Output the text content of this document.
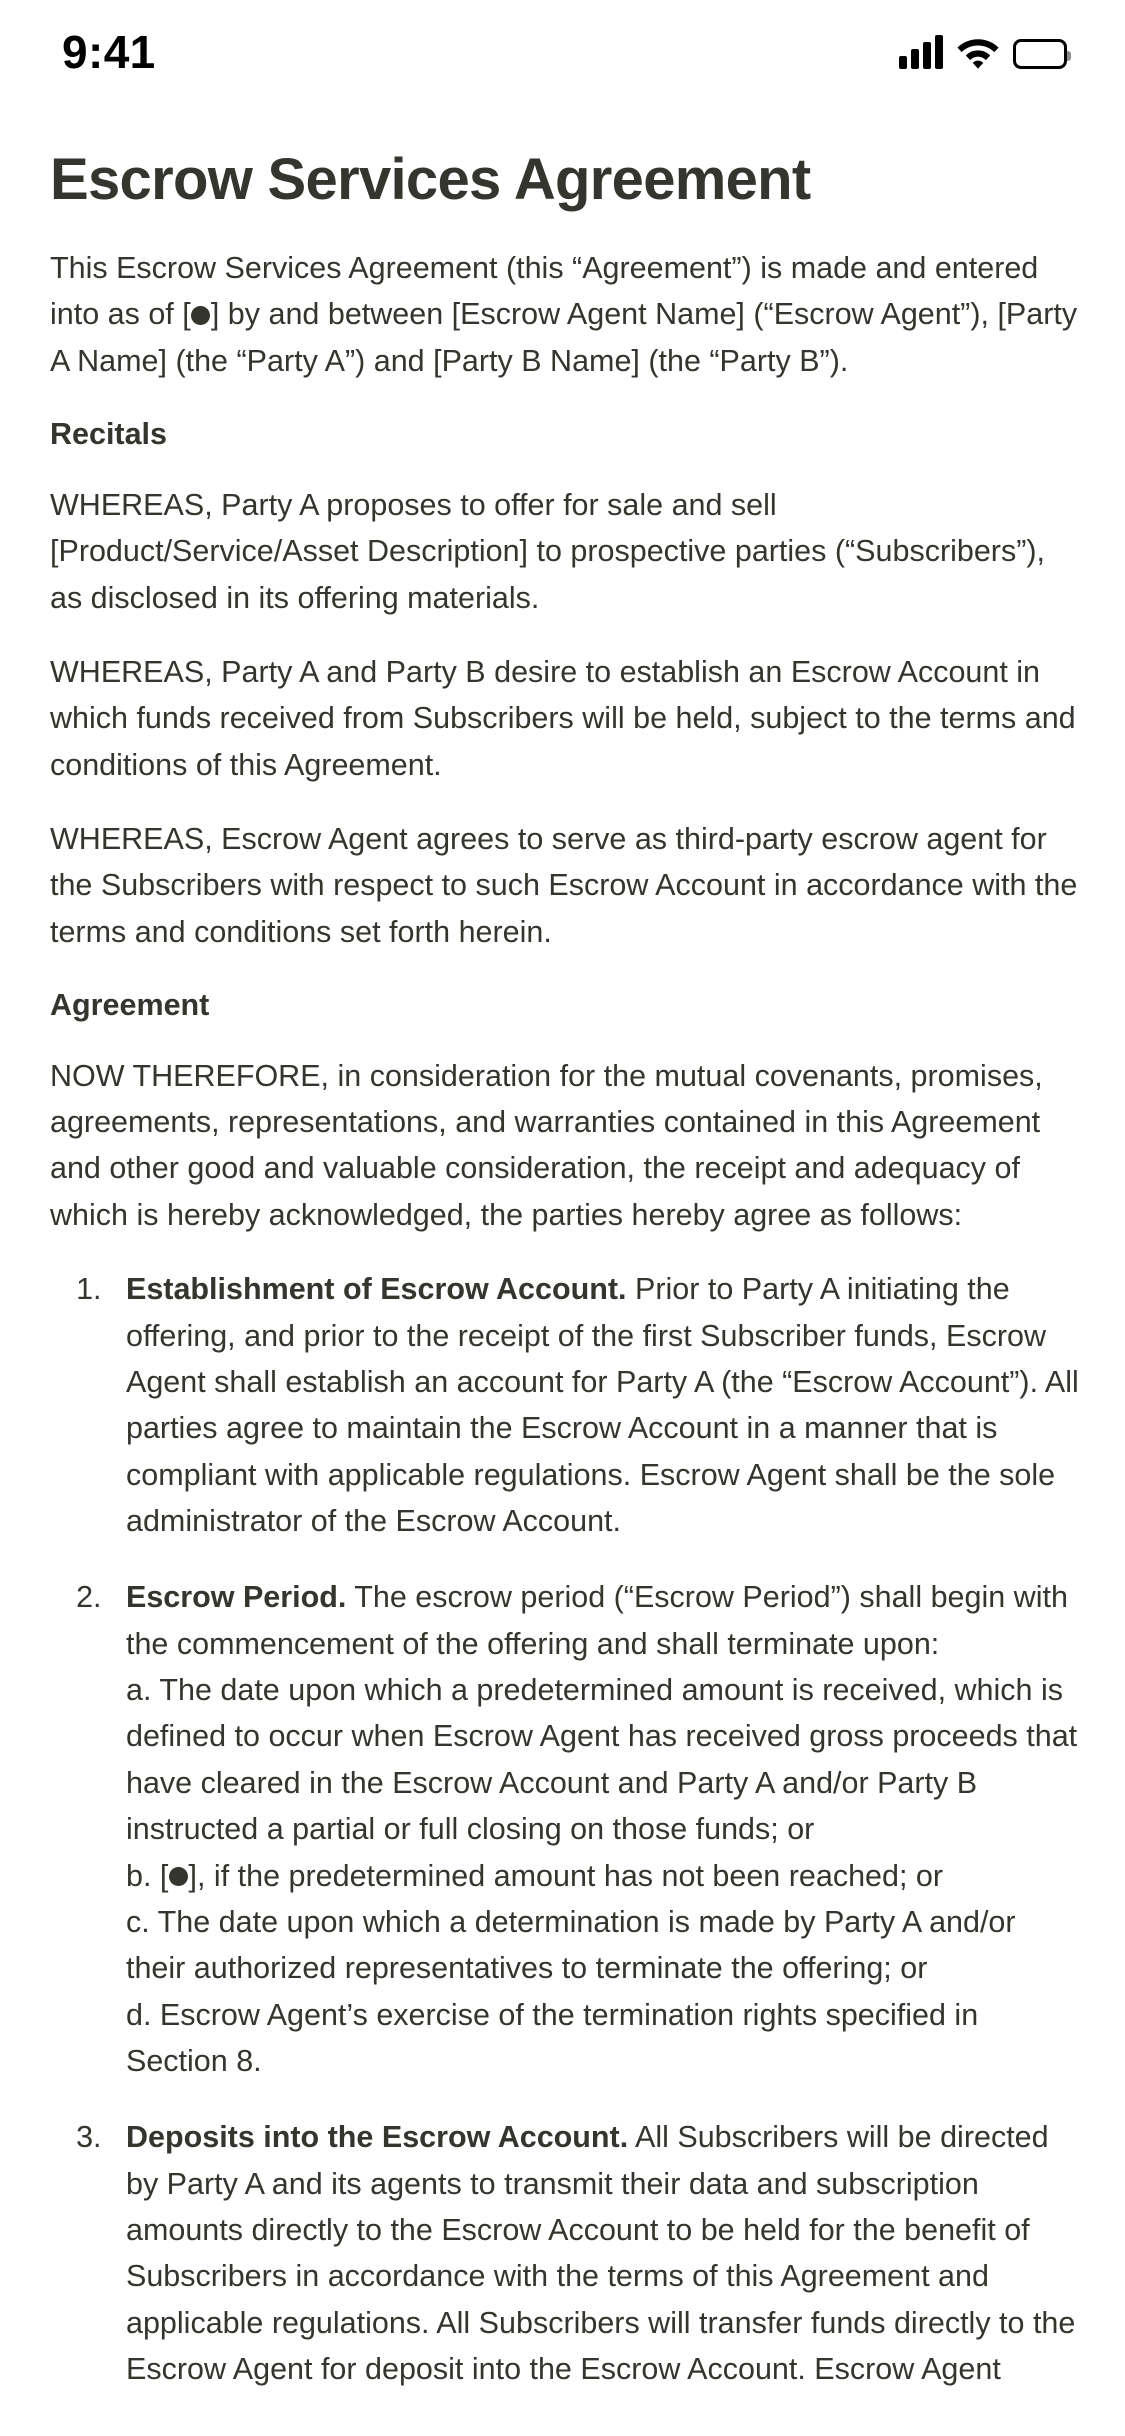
9:41
Escrow Services Agreement

This Escrow Services Agreement (this “Agreement”) is made and entered into as of [ ] by and between [Escrow Agent Name] (“Escrow Agent”), [Party A Name] (the “Party A”) and [Party B Name] (the “Party B”).

Recitals

WHEREAS, Party A proposes to offer for sale and sell [Product/Service/Asset Description] to prospective parties (“Subscribers”), as disclosed in its offering materials.

WHEREAS, Party A and Party B desire to establish an Escrow Account in which funds received from Subscribers will be held, subject to the terms and conditions of this Agreement.

WHEREAS, Escrow Agent agrees to serve as third-party escrow agent for the Subscribers with respect to such Escrow Account in accordance with the terms and conditions set forth herein.

Agreement

NOW THEREFORE, in consideration for the mutual covenants, promises, agreements, representations, and warranties contained in this Agreement and other good and valuable consideration, the receipt and adequacy of which is hereby acknowledged, the parties hereby agree as follows:

1. Establishment of Escrow Account. Prior to Party A initiating the offering, and prior to the receipt of the first Subscriber funds, Escrow Agent shall establish an account for Party A (the “Escrow Account”). All parties agree to maintain the Escrow Account in a manner that is compliant with applicable regulations. Escrow Agent shall be the sole administrator of the Escrow Account.
2. Escrow Period. The escrow period (“Escrow Period”) shall begin with the commencement of the offering and shall terminate upon:
a. The date upon which a predetermined amount is received, which is defined to occur when Escrow Agent has received gross proceeds that have cleared in the Escrow Account and Party A and/or Party B instructed a partial or full closing on those funds; or
b. [ ], if the predetermined amount has not been reached; or
c. The date upon which a determination is made by Party A and/or their authorized representatives to terminate the offering; or
d. Escrow Agent’s exercise of the termination rights specified in Section 8.
3. Deposits into the Escrow Account. All Subscribers will be directed by Party A and its agents to transmit their data and subscription amounts directly to the Escrow Account to be held for the benefit of Subscribers in accordance with the terms of this Agreement and applicable regulations. All Subscribers will transfer funds directly to the Escrow Agent for deposit into the Escrow Account. Escrow Agent
